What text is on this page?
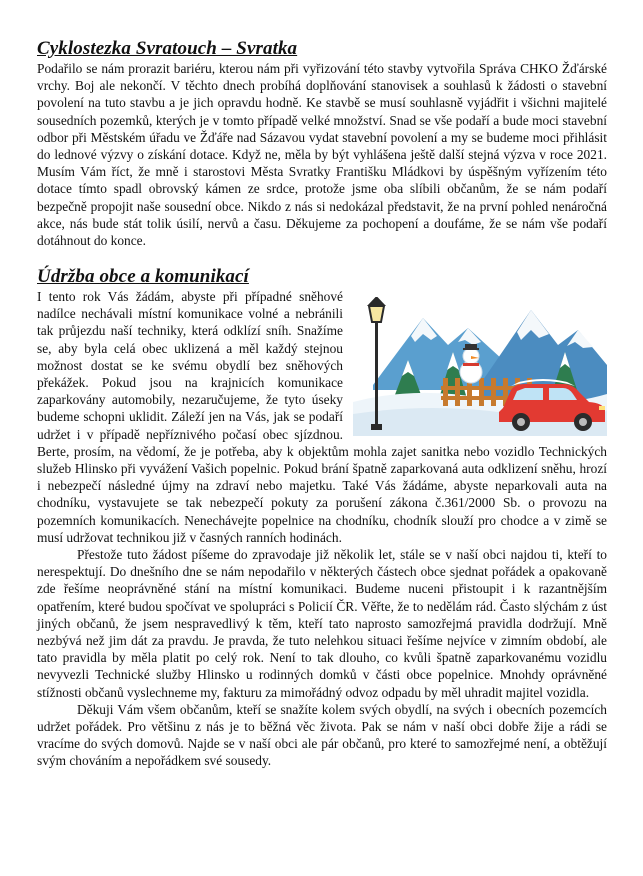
Cyklostezka Svratouch – Svratka

Podařilo se nám prorazit bariéru, kterou nám při vyřizování této stavby vytvořila Správa CHKO Žďárské vrchy. Boj ale nekončí. V těchto dnech probíhá doplňování stanovisek a souhlasů k žádosti o stavební povolení na tuto stavbu a je jich opravdu hodně. Ke stavbě se musí souhlasně vyjádřit i všichni majitelé sousedních pozemků, kterých je v tomto případě velké množství. Snad se vše podaří a bude moci stavební odbor při Městském úřadu ve Žďáře nad Sázavou vydat stavební povolení a my se budeme moci přihlásit do lednové výzvy o získání dotace. Když ne, měla by být vyhlášena ještě další stejná výzva v roce 2021. Musím Vám říct, že mně i starostovi Města Svratky Františku Mládkovi by úspěšným vyřízením této dotace tímto spadl obrovský kámen ze srdce, protože jsme oba slíbili občanům, že se nám podaří bezpečně propojit naše sousední obce. Nikdo z nás si nedokázal představit, že na první pohled nenáročná akce, nás bude stát tolik úsilí, nervů a času. Děkujeme za pochopení a doufáme, že se nám vše podaří dotáhnout do konce.

Údržba obce a komunikací

I tento rok Vás žádám, abyste při případné sněhové nadílce nechávali místní komunikace volné a nebránili tak průjezdu naší techniky, která odklízí sníh. Snažíme se, aby byla celá obec uklizená a měl každý stejnou možnost dostat se ke svému obydlí bez sněhových překážek. Pokud jsou na krajnicích komunikace zaparkovány automobily, nezaručujeme, že tyto úseky budeme schopni uklidit. Záleží jen na Vás, jak se podaří udržet i v případě nepříznivého počasí obec sjízdnou. Berte, prosím, na vědomí, že je potřeba, aby k objektům mohla zajet sanitka nebo vozidlo Technických služeb Hlinsko při vyvážení Vašich popelnic. Pokud brání špatně zaparkovaná auta odklizení sněhu, hrozí i nebezpečí následné újmy na zdraví nebo majetku. Také Vás žádáme, abyste neparkovali auta na chodníku, vystavujete se tak nebezpečí pokuty za porušení zákona č.361/2000 Sb. o provozu na pozemních komunikacích. Nenechávejte popelnice na chodníku, chodník slouží pro chodce a v zimě se musí udržovat technikou již v časných ranních hodinách.

Přestože tuto žádost píšeme do zpravodaje již několik let, stále se v naší obci najdou ti, kteří to nerespektují. Do dnešního dne se nám nepodařilo v některých částech obce sjednat pořádek a opakovaně zde řešíme neoprávněné stání na místní komunikaci. Budeme nuceni přistoupit i k razantnějším opatřením, které budou spočívat ve spolupráci s Policií ČR. Věřte, že to nedělám rád. Často slýchám z úst jiných občanů, že jsem nespravedlivý k těm, kteří tato naprosto samozřejmá pravidla dodržují. Mně nezbývá než jim dát za pravdu. Je pravda, že tuto nelehkou situaci řešíme nejvíce v zimním období, ale tato pravidla by měla platit po celý rok. Není to tak dlouho, co kvůli špatně zaparkovanému vozidlu nevyvezli Technické služby Hlinsko u rodinných domků v části obce popelnice. Mnohdy oprávněné stížnosti občanů vyslechneme my, fakturu za mimořádný odvoz odpadu by měl uhradit majitel vozidla.

Děkuji Vám všem občanům, kteří se snažíte kolem svých obydlí, na svých i obecních pozemcích udržet pořádek. Pro většinu z nás je to běžná věc života. Pak se nám v naší obci dobře žije a rádi se vracíme do svých domovů. Najde se v naší obci ale pár občanů, pro které to samozřejmé není, a obtěžují svým chováním a nepořádkem své sousedy.
